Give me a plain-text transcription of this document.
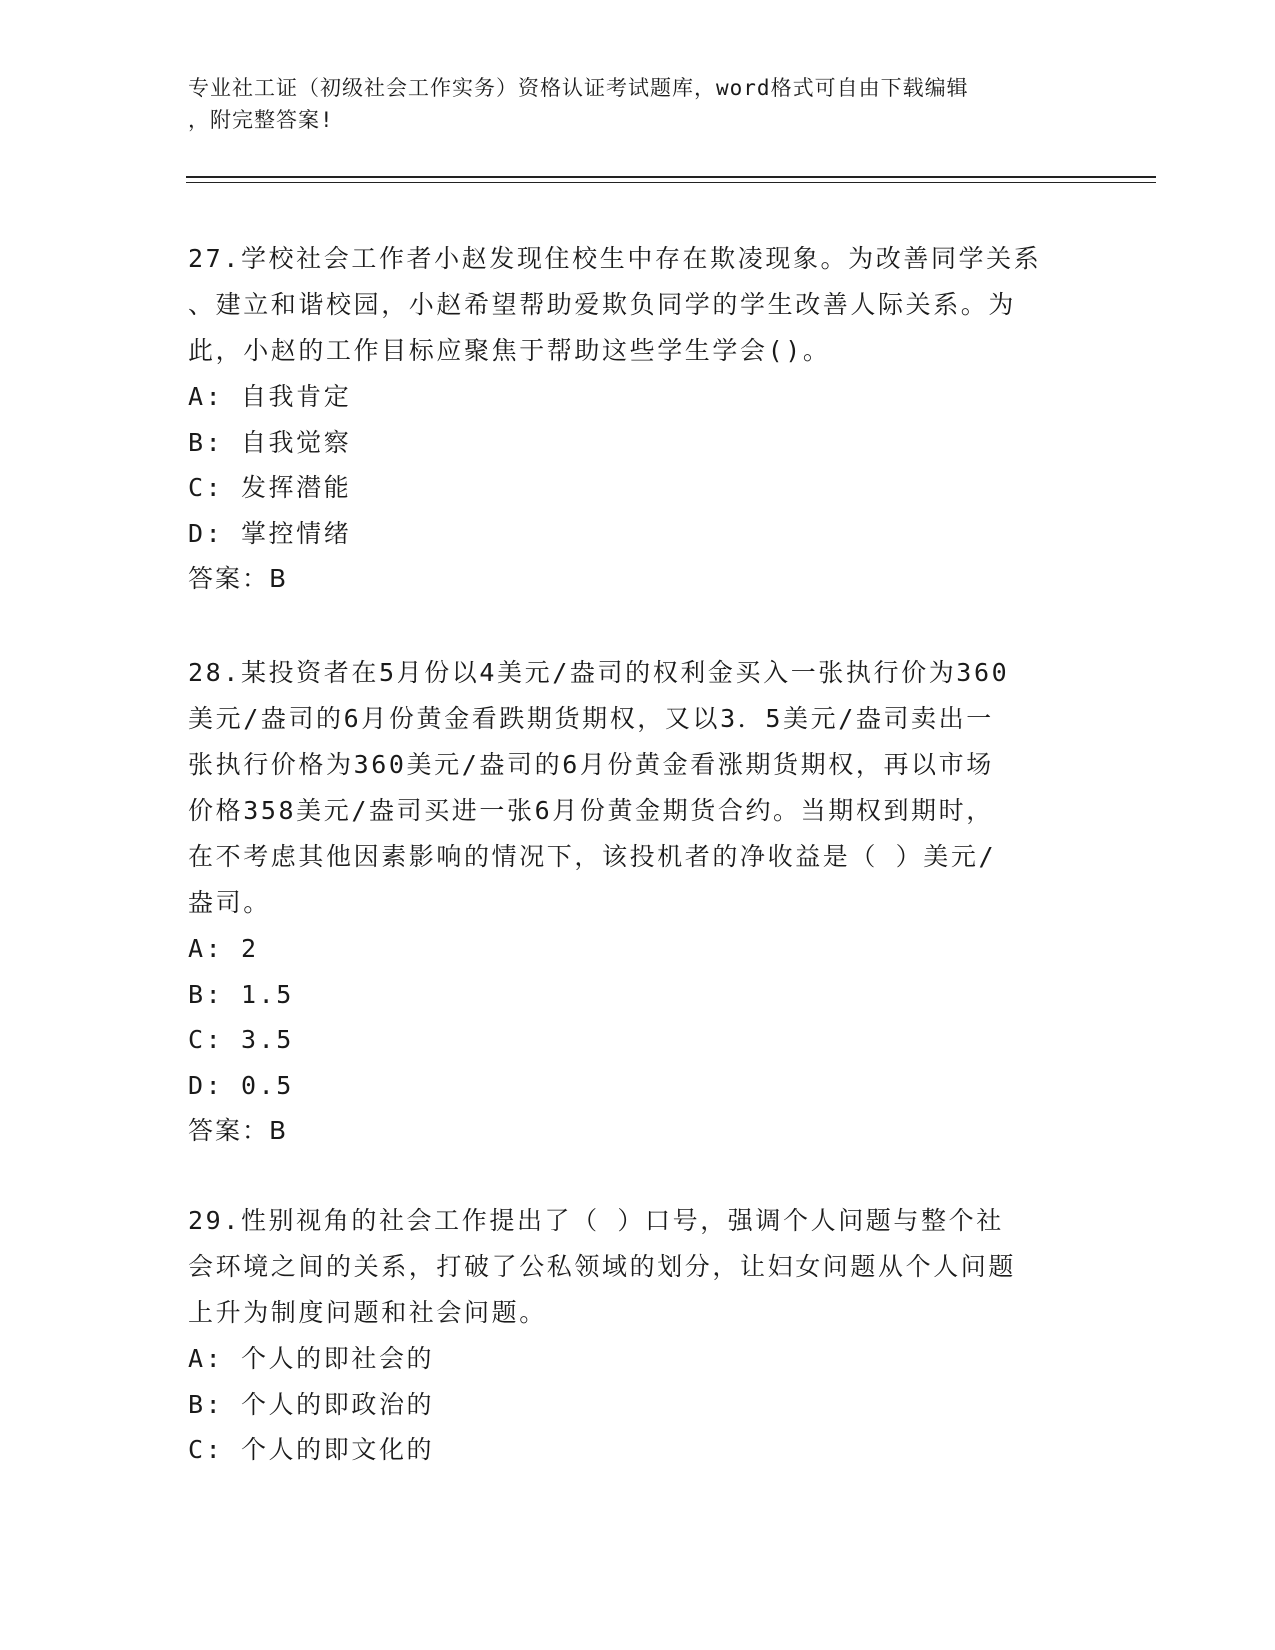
专业社工证（初级社会工作实务）资格认证考试题库，word格式可自由下载编辑
，附完整答案!
27.学校社会工作者小赵发现住校生中存在欺凌现象。为改善同学关系
、建立和谐校园，小赵希望帮助爱欺负同学的学生改善人际关系。为
此，小赵的工作目标应聚焦于帮助这些学生学会()。
A: 自我肯定
B: 自我觉察
C: 发挥潜能
D: 掌控情绪
答案：B
28.某投资者在5月份以4美元/盎司的权利金买入一张执行价为360
美元/盎司的6月份黄金看跌期货期权，又以3．5美元/盎司卖出一
张执行价格为360美元/盎司的6月份黄金看涨期货期权，再以市场
价格358美元/盎司买进一张6月份黄金期货合约。当期权到期时，
在不考虑其他因素影响的情况下，该投机者的净收益是（ ）美元/
盎司。
A: 2
B: 1.5
C: 3.5
D: 0.5
答案：B
29.性别视角的社会工作提出了（ ）口号，强调个人问题与整个社
会环境之间的关系，打破了公私领域的划分，让妇女问题从个人问题
上升为制度问题和社会问题。
A: 个人的即社会的
B: 个人的即政治的
C: 个人的即文化的
